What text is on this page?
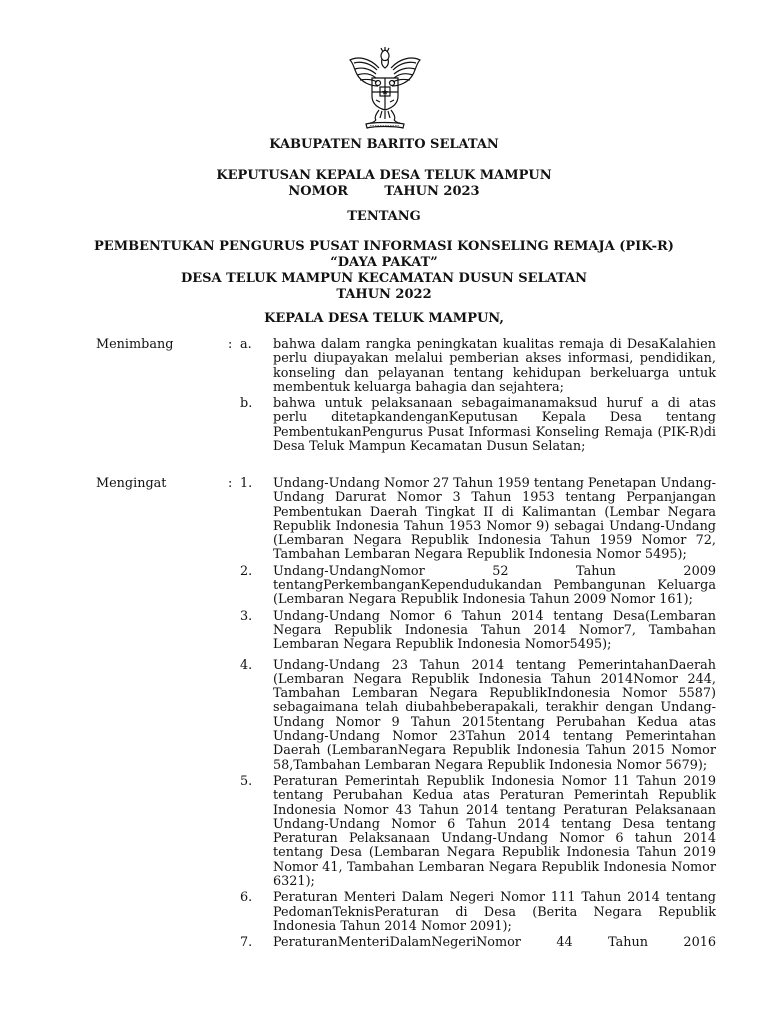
KABUPATEN BARITO SELATAN
KEPUTUSAN KEPALA DESA TELUK MAMPUN
NOMOR        TAHUN 2023
TENTANG
PEMBENTUKAN PENGURUS PUSAT INFORMASI KONSELING REMAJA (PIK-R)
“DAYA PAKAT”
DESA TELUK MAMPUN KECAMATAN DUSUN SELATAN
TAHUN 2022
KEPALA DESA TELUK MAMPUN,
Menimbang	: a. bahwa dalam rangka peningkatan kualitas remaja di DesaKalahien perlu diupayakan melalui pemberian akses informasi, pendidikan, konseling dan pelayanan tentang kehidupan berkeluarga untuk membentuk keluarga bahagia dan sejahtera;
b. bahwa untuk pelaksanaan sebagaimanamaksud huruf a di atas perlu ditetapkandenganKeputusan Kepala Desa tentang PembentukanPengurus Pusat Informasi Konseling Remaja (PIK-R)di Desa Teluk Mampun Kecamatan Dusun Selatan;
Mengingat	: 1. Undang-Undang Nomor 27 Tahun 1959 tentang Penetapan Undang-Undang Darurat Nomor 3 Tahun 1953 tentang Perpanjangan Pembentukan Daerah Tingkat II di Kalimantan (Lembar Negara Republik Indonesia Tahun 1953 Nomor 9) sebagai Undang-Undang (Lembaran Negara Republik Indonesia Tahun 1959 Nomor 72, Tambahan Lembaran Negara Republik Indonesia Nomor 5495);
2. Undang-UndangNomor 52 Tahun 2009 tentangPerkembanganKependudukandan Pembangunan Keluarga (Lembaran Negara Republik Indonesia Tahun 2009 Nomor 161);
3. Undang-Undang Nomor 6 Tahun 2014 tentang Desa(Lembaran Negara Republik Indonesia Tahun 2014 Nomor7, Tambahan Lembaran Negara Republik Indonesia Nomor5495);
4. Undang-Undang 23 Tahun 2014 tentang PemerintahanDaerah (Lembaran Negara Republik Indonesia Tahun 2014Nomor 244, Tambahan Lembaran Negara RepublikIndonesia Nomor 5587) sebagaimana telah diubahbeberapakali, terakhir dengan Undang-Undang Nomor 9 Tahun 2015tentang Perubahan Kedua atas Undang-Undang Nomor 23Tahun 2014 tentang Pemerintahan Daerah (LembaranNegara Republik Indonesia Tahun 2015 Nomor 58,Tambahan Lembaran Negara Republik Indonesia Nomor 5679);
5. Peraturan Pemerintah Republik Indonesia Nomor 11 Tahun 2019 tentang Perubahan Kedua atas Peraturan Pemerintah Republik Indonesia Nomor 43 Tahun 2014 tentang Peraturan Pelaksanaan Undang-Undang Nomor 6 Tahun 2014 tentang Desa tentang Peraturan Pelaksanaan Undang-Undang Nomor 6 tahun 2014 tentang Desa (Lembaran Negara Republik Indonesia Tahun 2019 Nomor 41, Tambahan Lembaran Negara Republik Indonesia Nomor 6321);
6. Peraturan Menteri Dalam Negeri Nomor 111 Tahun 2014 tentang PedomanTeknisPeraturan di Desa (Berita Negara Republik Indonesia Tahun 2014 Nomor 2091);
7. PeraturanMenteriDalamNegeriNomor 44 Tahun 2016
